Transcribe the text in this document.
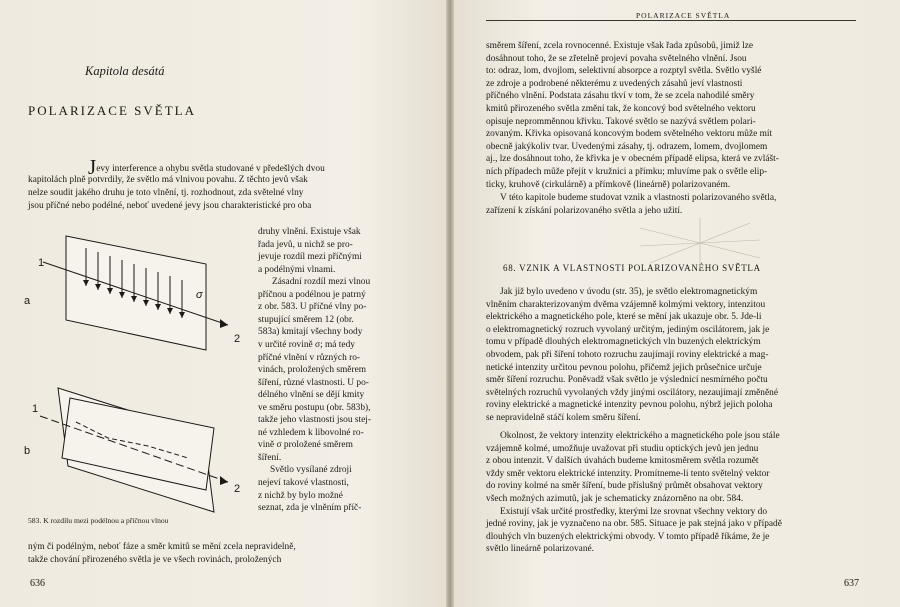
Kapitola desátá
POLARIZACE SVĚTLA
Jevy interference a ohybu světla studované v předešlých dvou
kapitolách plně potvrdily, že světlo má vlnivou povahu. Z těchto jevů však
nelze soudit jakého druhu je toto vlnění, tj. rozhodnout, zda světelné vlny
jsou příčné nebo podélné, neboť uvedené jevy jsou charakteristické pro oba
druhy vlnění. Existuje však
řada jevů, u nichž se pro-
jevuje rozdíl mezi příčnými
a podélnými vlnami.
Zásadní rozdíl mezi vlnou
příčnou a podélnou je patrný
z obr. 583. U příčné vlny po-
stupující směrem 12 (obr.
583a) kmitají všechny body
v určité rovině σ; má tedy
příčné vlnění v různých ro-
vinách, proložených směrem
šíření, různé vlastnosti. U po-
délného vlnění se dějí kmity
ve směru postupu (obr. 583b),
takže jeho vlastnosti jsou stej-
né vzhledem k libovolné ro-
vině σ proložené směrem
šíření.
Světlo vysílané zdroji
nejeví takové vlastnosti,
z nichž by bylo možné
seznat, zda je vlněním příč-
ným či podélným, neboť fáze a směr kmitů se mění zcela nepravidelně,
takže chování přirozeného světla je ve všech rovinách, proložených
1
a
2
σ
1
b
2
583. K rozdílu mezi podélnou a příčnou vlnou
636
POLARIZACE SVĚTLA
směrem šíření, zcela rovnocenné. Existuje však řada způsobů, jimiž lze
dosáhnout toho, že se zřetelně projeví povaha světelného vlnění. Jsou
to: odraz, lom, dvojlom, selektivní absorpce a rozptyl světla. Světlo vyšlé
ze zdroje a podrobené některému z uvedených zásahů jeví vlastnosti
příčného vlnění. Podstata zásahu tkví v tom, že se zcela nahodilé směry
kmitů přirozeného světla změní tak, že koncový bod světelného vektoru
opisuje nepromměnnou křivku. Takové světlo se nazývá světlem polari-
zovaným. Křivka opisovaná koncovým bodem světelného vektoru může mít
obecně jakýkoliv tvar. Uvedenými zásahy, tj. odrazem, lomem, dvojlomem
aj., lze dosáhnout toho, že křivka je v obecném případě elipsa, která ve zvlášt-
ních případech může přejít v kružnici a přímku; mluvíme pak o světle elip-
ticky, kruhově (cirkulárně) a přímkově (lineárně) polarizovaném.
V této kapitole budeme studovat vznik a vlastnosti polarizovaného světla,
zařízení k získání polarizovaného světla a jeho užití.
68. VZNIK A VLASTNOSTI POLARIZOVANÉHO SVĚTLA
Jak již bylo uvedeno v úvodu (str. 35), je světlo elektromagnetickým
vlněním charakterizovaným dvěma vzájemně kolmými vektory, intenzitou
elektrického a magnetického pole, které se mění jak ukazuje obr. 5. Jde-li
o elektromagnetický rozruch vyvolaný určitým, jediným oscilátorem, jak je
tomu v případě dlouhých elektromagnetických vln buzených elektrickým
obvodem, pak při šíření tohoto rozruchu zaujímají roviny elektrické a mag-
netické intenzity určitou pevnou polohu, přičemž jejich průsečnice určuje
směr šíření rozruchu. Poněvadž však světlo je výslednicí nesmírného počtu
světelných rozruchů vyvolaných vždy jinými oscilátory, nezaujímají změněné
roviny elektrické a magnetické intenzity pevnou polohu, nýbrž jejich poloha
se nepravidelně stáčí kolem směru šíření.
Okolnost, že vektory intenzity elektrického a magnetického pole jsou stále
vzájemně kolmé, umožňuje uvažovat při studiu optických jevů jen jednu
z obou intenzit. V dalších úvahách budeme kmitosměrem světla rozumět
vždy směr vektoru elektrické intenzity. Promítneme-li tento světelný vektor
do roviny kolmé na směr šíření, bude příslušný průmět obsahovat vektory
všech možných azimutů, jak je schematicky znázorněno na obr. 584.
Existují však určité prostředky, kterými lze srovnat všechny vektory do
jedné roviny, jak je vyznačeno na obr. 585. Situace je pak stejná jako v případě
dlouhých vln buzených elektrickými obvody. V tomto případě říkáme, že je
světlo lineárně polarizované.
637
